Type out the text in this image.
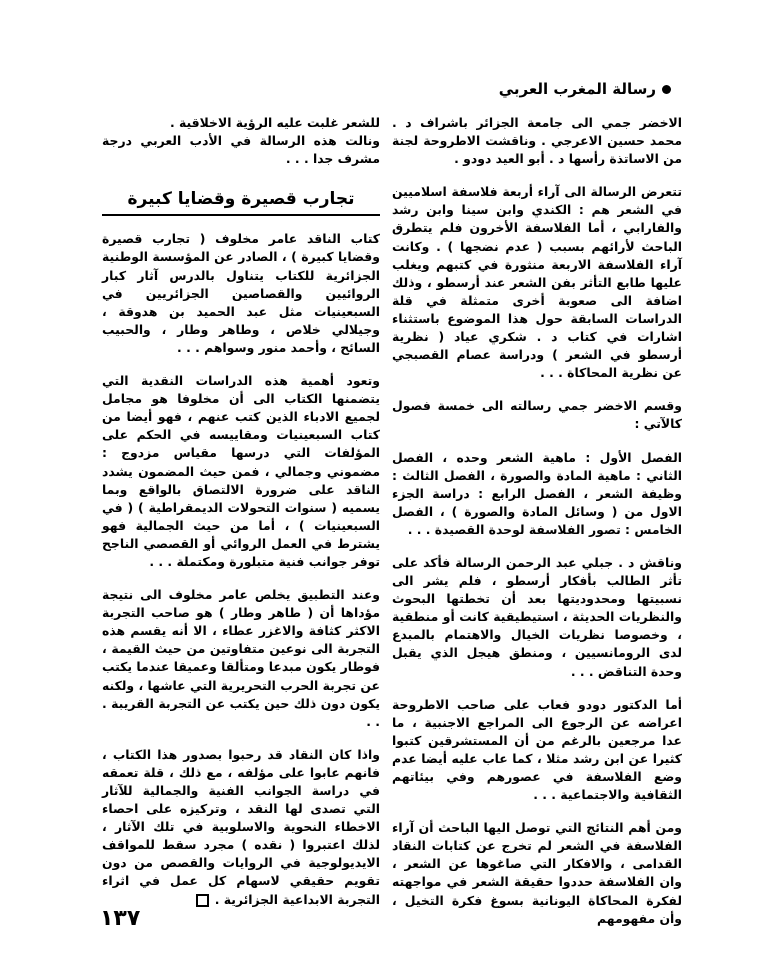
رسالة المغرب العربي

الاخضر جمي الى جامعة الجزائر باشراف د . محمد حسين الاعرجي . وناقشت الاطروحة لجنة من الاساتذة رأسها د . أبو العيد دودو .

تتعرض الرسالة الى آراء أربعة فلاسفة اسلاميين في الشعر هم : الكندي وابن سينا وابن رشد والفارابي ، أما الفلاسفة الأخرون فلم يتطرق الباحث لأرائهم بسبب ( عدم نضجها ) . وكانت آراء الفلاسفة الاربعة منثورة في كتبهم ويغلب عليها طابع التأثر بفن الشعر عند أرسطو ، وذلك اضافة الى صعوبة أخرى متمثلة في قلة الدراسات السابقة حول هذا الموضوع باستثناء اشارات في كتاب د . شكري عياد ( نظرية أرسطو في الشعر ) ودراسة عصام القصبجي عن نظرية المحاكاة . . .

وقسم الاخضر جمي رسالته الى خمسة فصول كالآتي :

الفصل الأول : ماهية الشعر وحده ، الفصل الثاني : ماهية المادة والصورة ، الفصل الثالث : وظيفة الشعر ، الفصل الرابع : دراسة الجزء الاول من ( وسائل المادة والصورة ) ، الفصل الخامس : تصور الفلاسفة لوحدة القصيدة . . .

وناقش د . جبلي عبد الرحمن الرسالة فأكد على تأثر الطالب بأفكار أرسطو ، فلم يشر الى نسبيتها ومحدوديتها بعد أن تخطتها البحوث والنظريات الحديثة ، استيطيقية كانت أو منطقية ، وخصوصا نظريات الخيال والاهتمام بالمبدع لدى الرومانسيين ، ومنطق هيجل الذي يقبل وحدة التناقض . . .

أما الدكتور دودو فعاب على صاحب الاطروحة اعراضه عن الرجوع الى المراجع الاجنبية ، ما عدا مرجعين بالرغم من أن المستشرقين كتبوا كثيرا عن ابن رشد مثلا ، كما عاب عليه أيضا عدم وضع الفلاسفة في عصورهم وفي بيئاتهم الثقافية والاجتماعية . . .

ومن أهم النتائج التي توصل اليها الباحث أن آراء الفلاسفة في الشعر لم تخرج عن كتابات النقاد القدامى ، والافكار التي صاغوها عن الشعر ، وان الفلاسفة حددوا حقيقة الشعر في مواجهته لفكرة المحاكاة اليونانية بسوغ فكرة التخيل ، وأن مفهومهم

للشعر غلبت عليه الرؤية الاخلاقية .

ونالت هذه الرسالة في الأدب العربي درجة مشرف جدا . . .

تجارب قصيرة وقضايا كبيرة

كتاب الناقد عامر مخلوف ( تجارب قصيرة وقضايا كبيرة ) ، الصادر عن المؤسسة الوطنية الجزائرية للكتاب يتناول بالدرس آثار كبار الروائيين والقصاصين الجزائريين في السبعينيات مثل عبد الحميد بن هدوقة ، وجيلالي خلاص ، وطاهر وطار ، والحبيب السائح ، وأحمد منور وسواهم . . .

وتعود أهمية هذه الدراسات النقدية التي يتضمنها الكتاب الى أن مخلوفا هو مجامل لجميع الادباء الذين كتب عنهم ، فهو أيضا من كتاب السبعينيات ومقاييسه في الحكم على المؤلفات التي درسها مقياس مزدوج : مضموني وجمالي ، فمن حيث المضمون يشدد الناقد على ضرورة الالتصاق بالواقع وبما يسميه ( سنوات التحولات الديمقراطية ) ( في السبعينيات ) ، أما من حيث الجمالية فهو يشترط في العمل الروائي أو القصصي الناجح توفر جوانب فنية متبلورة ومكتملة . . .

وعند التطبيق يخلص عامر مخلوف الى نتيجة مؤداها أن ( طاهر وطار ) هو صاحب التجربة الاكثر كثافة والاغزر عطاء ، الا أنه يقسم هذه التجربة الى نوعين متفاوتين من حيث القيمة ، فوطار يكون مبدعا ومتألقا وعميقا عندما يكتب عن تجربة الحرب التحريرية التي عاشها ، ولكنه يكون دون ذلك حين يكتب عن التجربة القريبة . . .

واذا كان النقاد قد رحبوا بصدور هذا الكتاب ، فانهم عابوا على مؤلفه ، مع ذلك ، قلة تعمقه في دراسة الجوانب الفنية والجمالية للآثار التي تصدى لها النقد ، وتركيزه على احصاء الاخطاء النحوية والاسلوبية في تلك الآثار ، لذلك اعتبروا ( نقده ) مجرد سقط للمواقف الايديولوجية في الروايات والقصص من دون تقويم حقيقي لاسهام كل عمل في اثراء التجربة الابداعية الجزائرية .

١٣٧
